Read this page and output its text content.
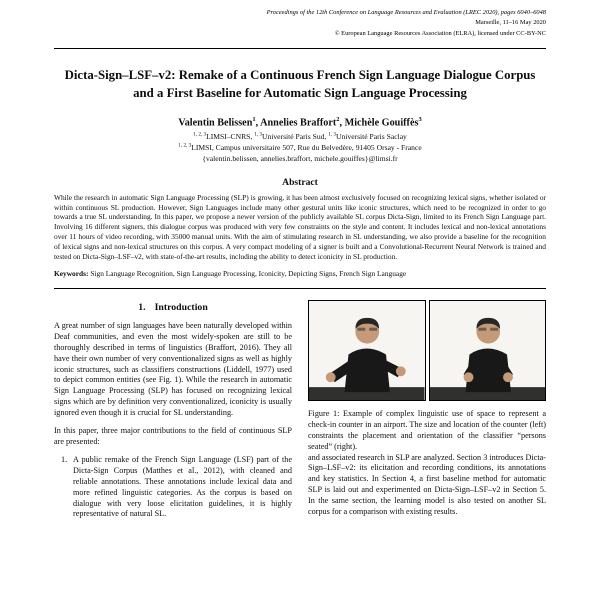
Proceedings of the 12th Conference on Language Resources and Evaluation (LREC 2020), pages 6040–6048
Marseille, 11–16 May 2020
© European Language Resources Association (ELRA), licensed under CC-BY-NC
Dicta-Sign–LSF–v2: Remake of a Continuous French Sign Language Dialogue Corpus and a First Baseline for Automatic Sign Language Processing
Valentin Belissen$^1$, Annelies Braffort$^2$, Michèle Gouiffès$^3$
$^{1, 2, 3}$LIMSI–CNRS, $^{1, 3}$Université Paris Sud, $^{1, 3}$Université Paris Saclay
$^{1, 2, 3}$LIMSI, Campus universitaire 507, Rue du Belvedère, 91405 Orsay - France
{valentin.belissen, annelies.braffort, michele.gouiffes}@limsi.fr
Abstract
While the research in automatic Sign Language Processing (SLP) is growing, it has been almost exclusively focused on recognizing lexical signs, whether isolated or within continuous SL production. However, Sign Languages include many other gestural units like iconic structures, which need to be recognized in order to go towards a true SL understanding. In this paper, we propose a newer version of the publicly available SL corpus Dicta-Sign, limited to its French Sign Language part. Involving 16 different signers, this dialogue corpus was produced with very few constraints on the style and content. It includes lexical and non-lexical annotations over 11 hours of video recording, with 35000 manual units. With the aim of stimulating research in SL understanding, we also provide a baseline for the recognition of lexical signs and non-lexical structures on this corpus. A very compact modeling of a signer is built and a Convolutional-Recurrent Neural Network is trained and tested on Dicta-Sign–LSF–v2, with state-of-the-art results, including the ability to detect iconicity in SL production.
Keywords: Sign Language Recognition, Sign Language Processing, Iconicity, Depicting Signs, French Sign Language
1. Introduction

A great number of sign languages have been naturally developed within Deaf communities, and even the most widely-spoken are still to be thoroughly described in terms of linguistics (Braffort, 2016). They all have their own number of very conventionalized signs as well as highly iconic structures, such as classifiers constructions (Liddell, 1977) used to depict common entities (see Fig. 1). While the research in automatic Sign Language Processing (SLP) has focused on recognizing lexical signs which are by definition very conventionalized, iconicity is usually ignored even though it is crucial for SL understanding.

In this paper, three major contributions to the field of continuous SLP are presented:

1. A public remake of the French Sign Language (LSF) part of the Dicta-Sign Corpus (Matthes et al., 2012), with cleaned and reliable annotations. These annotations include lexical data and more refined linguistic categories. As the corpus is based on dialogue with very loose elicitation guidelines, it is highly representative of natural SL.
Figure 1: Example of complex linguistic use of space to represent a check-in counter in an airport. The size and location of the counter (left) constraints the placement and orientation of the classifier “persons seated” (right).

and associated research in SLP are analyzed. Section 3 introduces Dicta-Sign–LSF–v2: its elicitation and recording conditions, its annotations and key statistics. In Section 4, a first baseline method for automatic SLP is laid out and experimented on Dicta-Sign–LSF–v2 in Section 5. In the same section, the learning model is also tested on another SL corpus for a comparison with existing results.
